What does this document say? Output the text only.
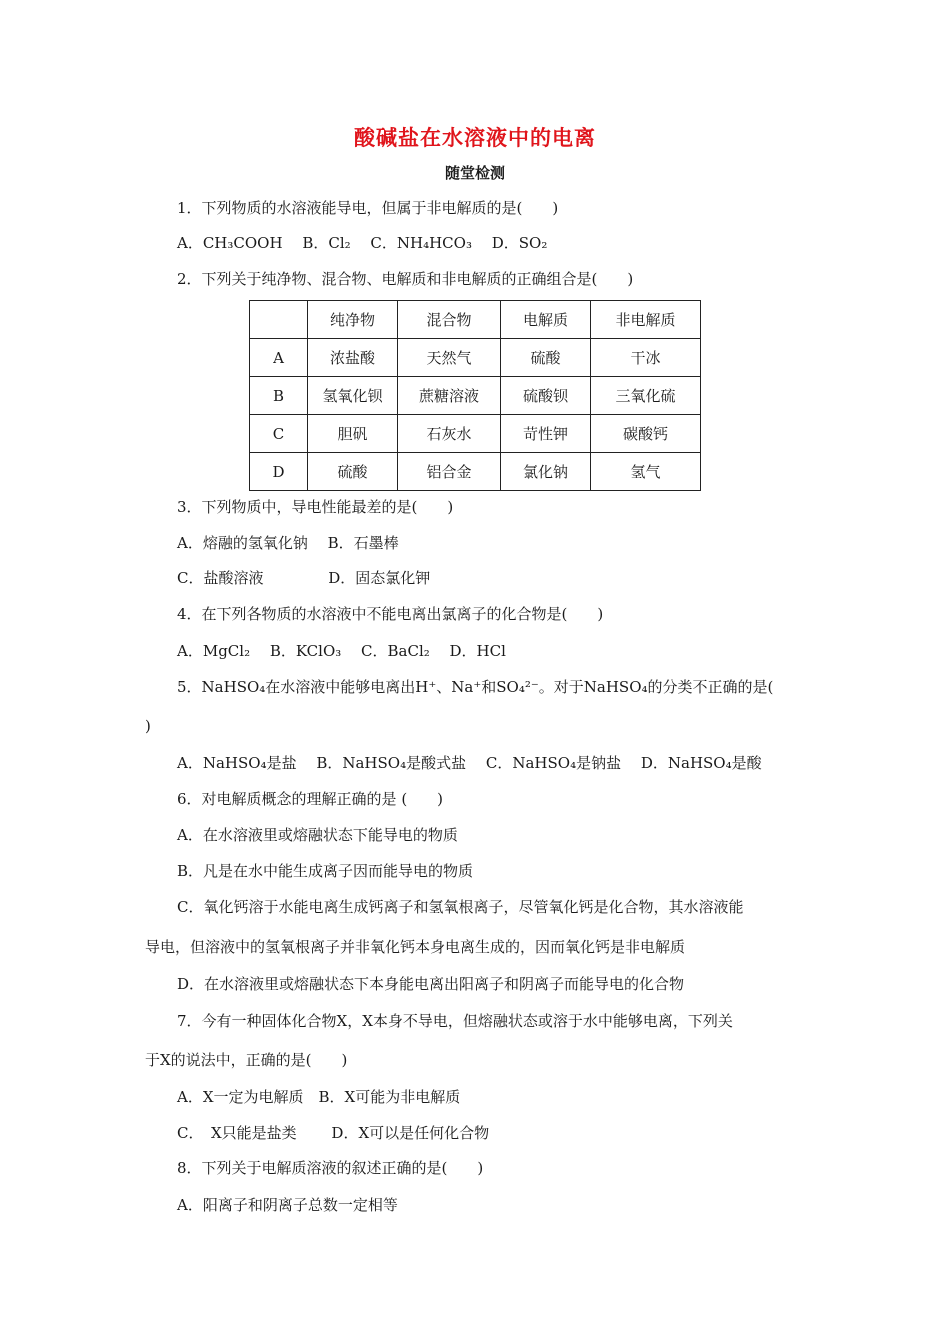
酸碱盐在水溶液中的电离
随堂检测
1．下列物质的水溶液能导电，但属于非电解质的是(　　)
A．CH₃COOH　 B．Cl₂　 C．NH₄HCO₃　 D．SO₂
2．下列关于纯净物、混合物、电解质和非电解质的正确组合是(　　)
	纯净物	混合物	电解质	非电解质
A	浓盐酸	天然气	硫酸	干冰
B	氢氧化钡	蔗糖溶液	硫酸钡	三氧化硫
C	胆矾	石灰水	苛性钾	碳酸钙
D	硫酸	铝合金	氯化钠	氢气
3．下列物质中，导电性能最差的是(　　)
A．熔融的氢氧化钠　 B．石墨棒
C．盐酸溶液　　　　 D．固态氯化钾
4．在下列各物质的水溶液中不能电离出氯离子的化合物是(　　)
A．MgCl₂　 B．KClO₃　 C．BaCl₂　 D．HCl
5．NaHSO₄在水溶液中能够电离出H⁺、Na⁺和SO₄²⁻。对于NaHSO₄的分类不正确的是(
)
A．NaHSO₄是盐　 B．NaHSO₄是酸式盐　 C．NaHSO₄是钠盐　 D．NaHSO₄是酸
6．对电解质概念的理解正确的是 (　　)
A．在水溶液里或熔融状态下能导电的物质
B．凡是在水中能生成离子因而能导电的物质
C．氧化钙溶于水能电离生成钙离子和氢氧根离子，尽管氧化钙是化合物，其水溶液能
导电，但溶液中的氢氧根离子并非氧化钙本身电离生成的，因而氧化钙是非电解质
D．在水溶液里或熔融状态下本身能电离出阳离子和阴离子而能导电的化合物
7．今有一种固体化合物X，X本身不导电，但熔融状态或溶于水中能够电离，下列关
于X的说法中，正确的是(　　)
A．X一定为电解质　B．X可能为非电解质
C．　X只能是盐类　　 D．X可以是任何化合物
8．下列关于电解质溶液的叙述正确的是(　　)
A．阳离子和阴离子总数一定相等
